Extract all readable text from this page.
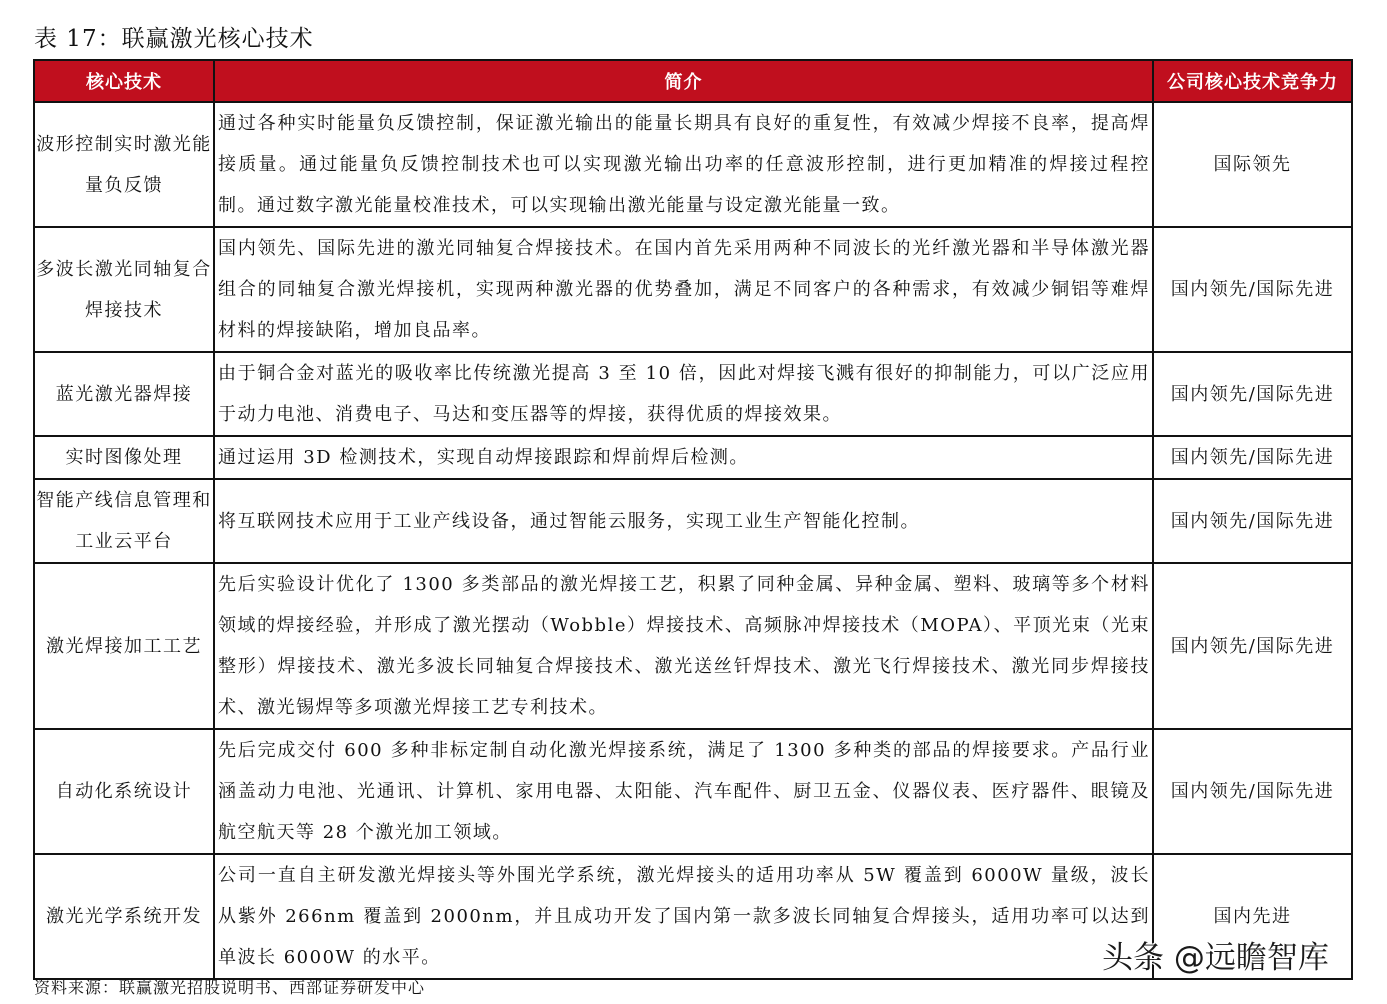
表 17：联赢激光核心技术
核心技术	简介	公司核心技术竞争力
波形控制实时激光能量负反馈	通过各种实时能量负反馈控制，保证激光输出的能量长期具有良好的重复性，有效减少焊接不良率，提高焊接质量。通过能量负反馈控制技术也可以实现激光输出功率的任意波形控制，进行更加精准的焊接过程控制。通过数字激光能量校准技术，可以实现输出激光能量与设定激光能量一致。	国际领先
多波长激光同轴复合焊接技术	国内领先、国际先进的激光同轴复合焊接技术。在国内首先采用两种不同波长的光纤激光器和半导体激光器组合的同轴复合激光焊接机，实现两种激光器的优势叠加，满足不同客户的各种需求，有效减少铜铝等难焊材料的焊接缺陷，增加良品率。	国内领先/国际先进
蓝光激光器焊接	由于铜合金对蓝光的吸收率比传统激光提高 3 至 10 倍，因此对焊接飞溅有很好的抑制能力，可以广泛应用于动力电池、消费电子、马达和变压器等的焊接，获得优质的焊接效果。	国内领先/国际先进
实时图像处理	通过运用 3D 检测技术，实现自动焊接跟踪和焊前焊后检测。	国内领先/国际先进
智能产线信息管理和工业云平台	将互联网技术应用于工业产线设备，通过智能云服务，实现工业生产智能化控制。	国内领先/国际先进
激光焊接加工工艺	先后实验设计优化了 1300 多类部品的激光焊接工艺，积累了同种金属、异种金属、塑料、玻璃等多个材料领域的焊接经验，并形成了激光摆动（Wobble）焊接技术、高频脉冲焊接技术（MOPA）、平顶光束（光束整形）焊接技术、激光多波长同轴复合焊接技术、激光送丝钎焊技术、激光飞行焊接技术、激光同步焊接技术、激光锡焊等多项激光焊接工艺专利技术。	国内领先/国际先进
自动化系统设计	先后完成交付 600 多种非标定制自动化激光焊接系统，满足了 1300 多种类的部品的焊接要求。产品行业涵盖动力电池、光通讯、计算机、家用电器、太阳能、汽车配件、厨卫五金、仪器仪表、医疗器件、眼镜及航空航天等 28 个激光加工领域。	国内领先/国际先进
激光光学系统开发	公司一直自主研发激光焊接头等外围光学系统，激光焊接头的适用功率从 5W 覆盖到 6000W 量级，波长从紫外 266nm 覆盖到 2000nm，并且成功开发了国内第一款多波长同轴复合焊接头，适用功率可以达到单波长 6000W 的水平。	国内先进
资料来源：联赢激光招股说明书、西部证券研发中心
头条 @远瞻智库
